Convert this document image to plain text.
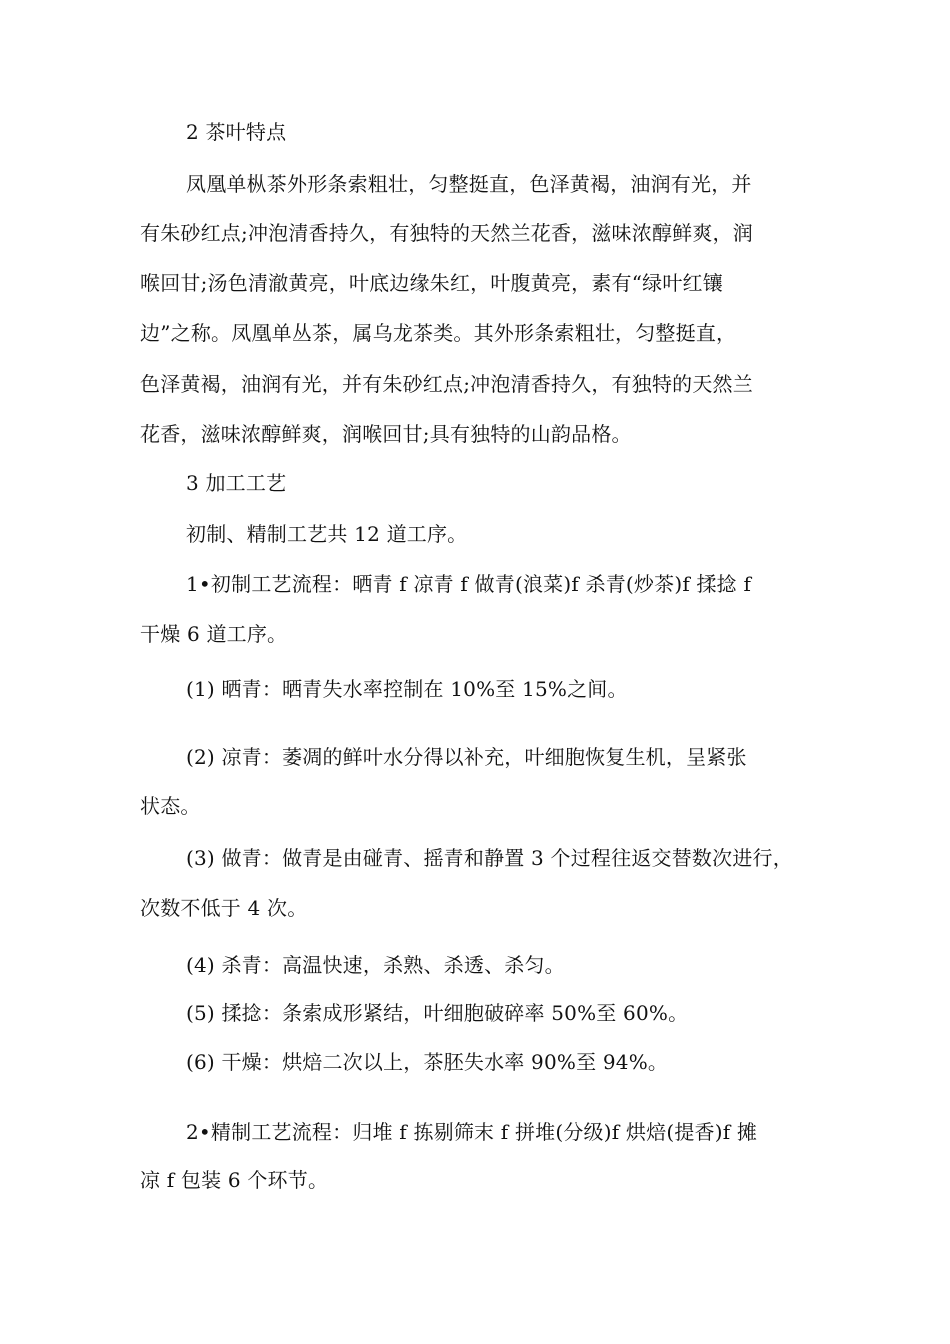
2 茶叶特点
凤凰单枞茶外形条索粗壮，匀整挺直，色泽黄褐，油润有光，并
有朱砂红点;冲泡清香持久，有独特的天然兰花香，滋味浓醇鲜爽，润
喉回甘;汤色清澈黄亮，叶底边缘朱红，叶腹黄亮，素有“绿叶红镶
边”之称。凤凰单丛茶，属乌龙茶类。其外形条索粗壮，匀整挺直，
色泽黄褐，油润有光，并有朱砂红点;冲泡清香持久，有独特的天然兰
花香，滋味浓醇鲜爽，润喉回甘;具有独特的山韵品格。
3 加工工艺
初制、精制工艺共 12 道工序。
1•初制工艺流程：晒青 f 凉青 f 做青(浪菜)f 杀青(炒茶)f 揉捻 f
干燥 6 道工序。
(1) 晒青：晒青失水率控制在 10%至 15%之间。
(2) 凉青：萎凋的鲜叶水分得以补充，叶细胞恢复生机，呈紧张
状态。
(3) 做青：做青是由碰青、摇青和静置 3 个过程往返交替数次进行，
次数不低于 4 次。
(4) 杀青：高温快速，杀熟、杀透、杀匀。
(5) 揉捻：条索成形紧结，叶细胞破碎率 50%至 60%。
(6) 干燥：烘焙二次以上，茶胚失水率 90%至 94%。
2•精制工艺流程：归堆 f 拣剔筛末 f 拼堆(分级)f 烘焙(提香)f 摊
凉 f 包装 6 个环节。
